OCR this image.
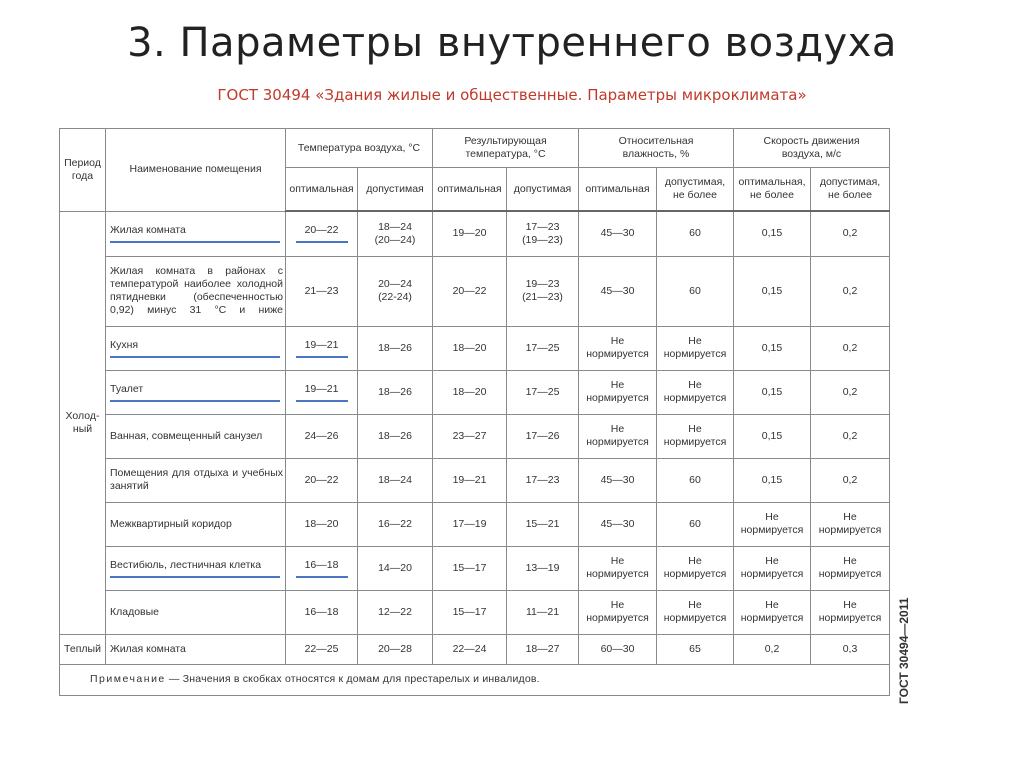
3. Параметры внутреннего воздуха
ГОСТ 30494 «Здания жилые и общественные. Параметры микроклимата»
Период
года	Наименование помещения	Температура воздуха, °С		Результирующая
температура, °С		Относительная
влажность, %		Скорость движения
воздуха, м/с	
		оптимальная	допустимая	оптимальная	допустимая	оптимальная	допустимая,
не более	оптимальная,
не более	допустимая,
не более
Холод-
ный	Жилая комната	20—22	18—24
(20—24)	19—20	17—23
(19—23)	45—30	60	0,15	0,2
	Жилая комната в районах с температурой наиболее холодной пятидневки (обеспеченностью 0,92) минус 31 °С и ниже	21—23	20—24
(22-24)	20—22	19—23
(21—23)	45—30	60	0,15	0,2
	Кухня	19—21	18—26	18—20	17—25	Не
нормируется	Не
нормируется	0,15	0,2
	Туалет	19—21	18—26	18—20	17—25	Не
нормируется	Не
нормируется	0,15	0,2
	Ванная, совмещенный санузел	24—26	18—26	23—27	17—26	Не
нормируется	Не
нормируется	0,15	0,2
	Помещения для отдыха и учебных занятий	20—22	18—24	19—21	17—23	45—30	60	0,15	0,2
	Межквартирный коридор	18—20	16—22	17—19	15—21	45—30	60	Не нормируется	Не нормируется
	Вестибюль, лестничная клетка	16—18	14—20	15—17	13—19	Не
нормируется	Не
нормируется	Не
нормируется	Не
нормируется
	Кладовые	16—18	12—22	15—17	11—21	Не
нормируется	Не
нормируется	Не
нормируется	Не
нормируется
Теплый	Жилая комната	22—25	20—28	22—24	18—27	60—30	65	0,2	0,3
Примечание — Значения в скобках относятся к домам для престарелых и инвалидов.										ГОСТ 30494—2011
